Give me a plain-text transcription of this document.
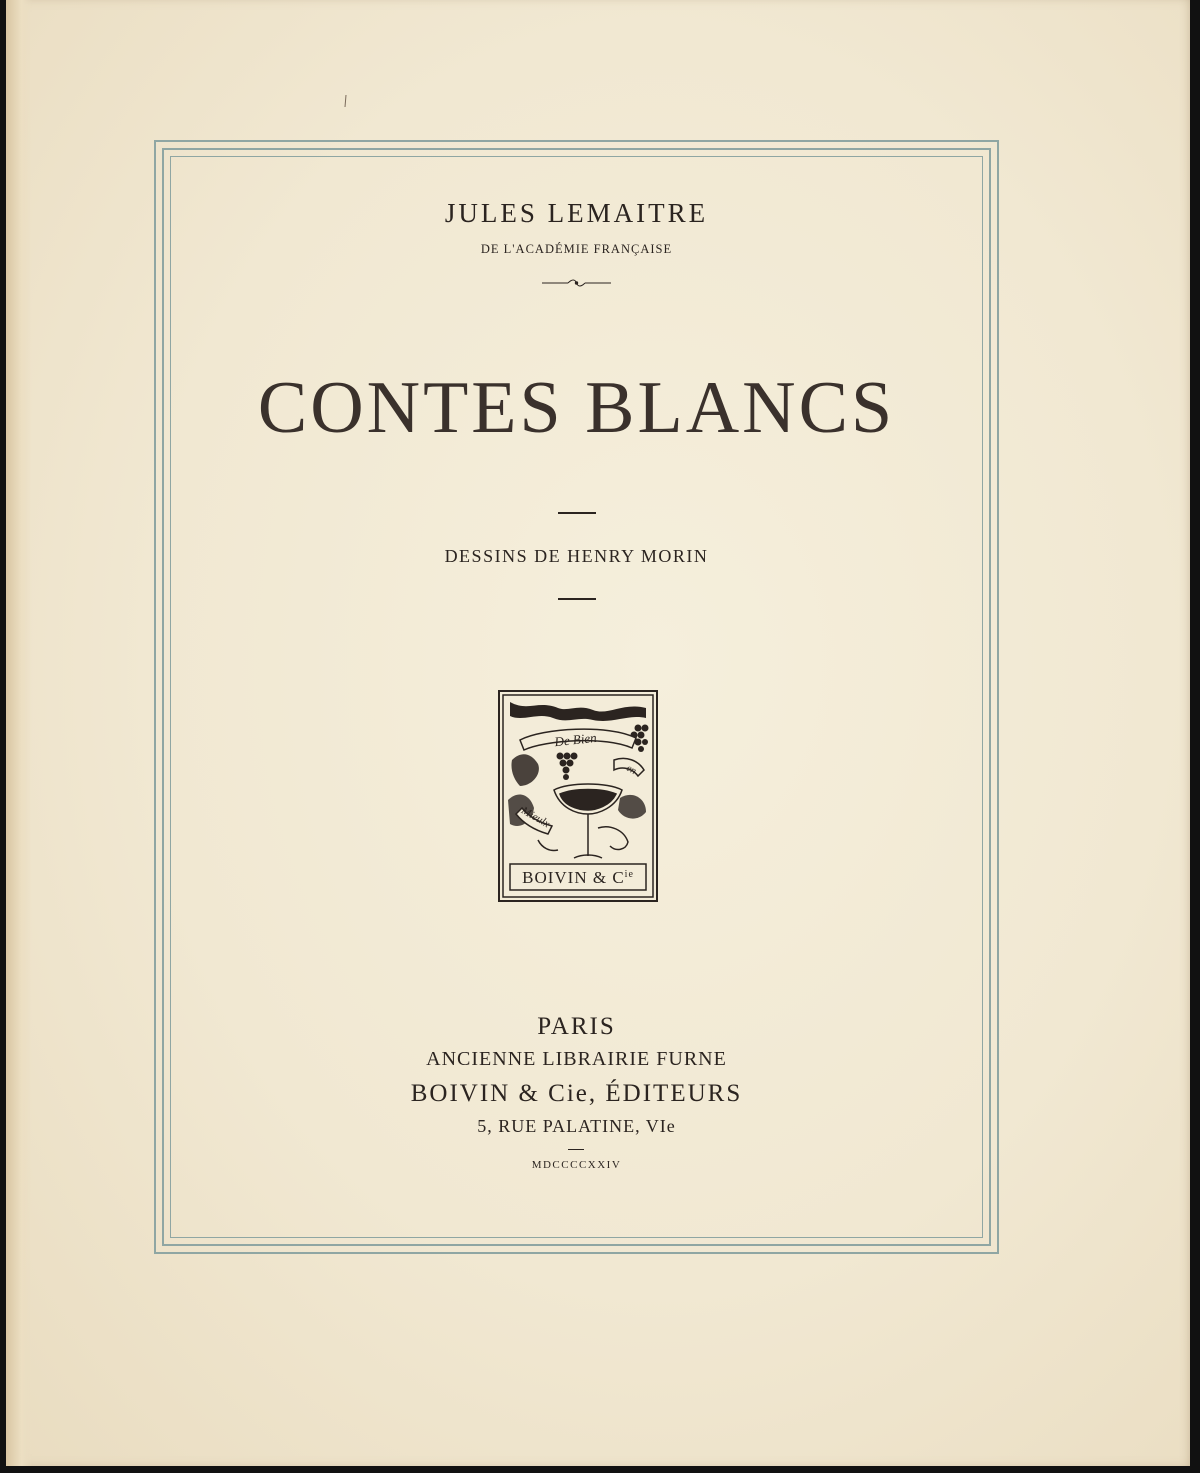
JULES LEMAITRE
DE L'ACADÉMIE FRANÇAISE
CONTES BLANCS
DESSINS DE HENRY MORIN
De Bien
en
Mieulx
BOIVIN & $C^{ie}$
PARIS
ANCIENNE LIBRAIRIE FURNE
BOIVIN & Cie, ÉDITEURS
5, RUE PALATINE, VIe
MDCCCCXXIV
